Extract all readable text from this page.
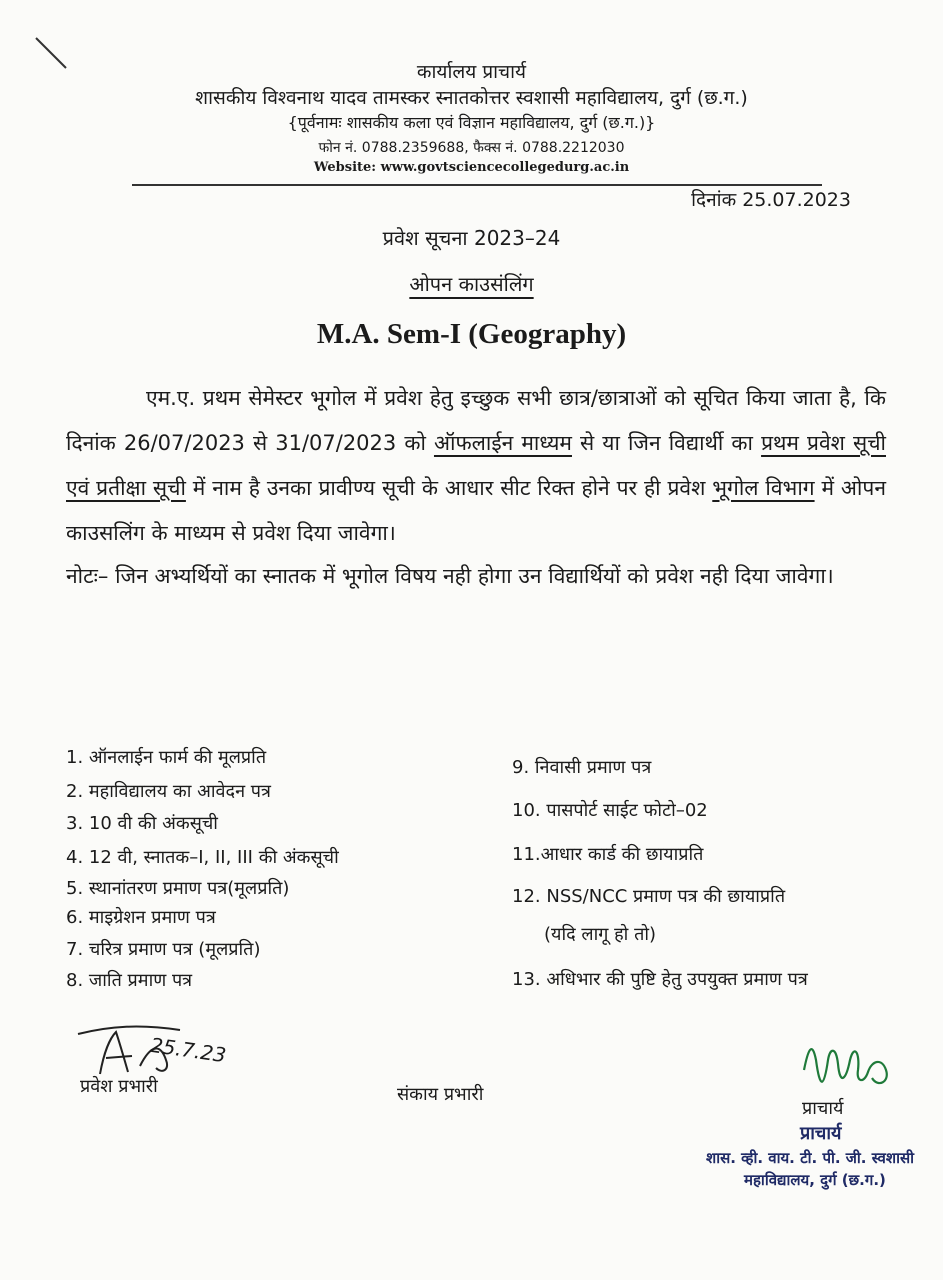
कार्यालय प्राचार्य
शासकीय विश्वनाथ यादव तामस्कर स्नातकोत्तर स्वशासी महाविद्यालय, दुर्ग (छ.ग.)
{पूर्वनामः शासकीय कला एवं विज्ञान महाविद्यालय, दुर्ग (छ.ग.)}
फोन नं. 0788.2359688, फैक्स नं. 0788.2212030
Website: www.govtsciencecollegedurg.ac.in
दिनांक 25.07.2023
प्रवेश सूचना 2023–24
ओपन काउसंलिंग
M.A. Sem-I (Geography)

एम.ए. प्रथम सेमेस्टर भूगोल में प्रवेश हेतु इच्छुक सभी छात्र/छात्राओं को सूचित किया जाता है, कि दिनांक 26/07/2023 से 31/07/2023 को ऑफलाईन माध्यम से या जिन विद्यार्थी का प्रथम प्रवेश सूची एवं प्रतीक्षा सूची में नाम है उनका प्रावीण्य सूची के आधार सीट रिक्त होने पर ही प्रवेश भूगोल विभाग में ओपन काउसलिंग के माध्यम से प्रवेश दिया जावेगा।

नोटः– जिन अभ्यर्थियों का स्नातक में भूगोल विषय नही होगा उन विद्यार्थियों को प्रवेश नही दिया जावेगा।

1. ऑनलाईन फार्म की मूलप्रति
2. महाविद्यालय का आवेदन पत्र
3. 10 वी की अंकसूची
4. 12 वी, स्नातक–I, II, III की अंकसूची
5. स्थानांतरण प्रमाण पत्र(मूलप्रति)
6. माइग्रेशन प्रमाण पत्र
7. चरित्र प्रमाण पत्र (मूलप्रति)
8. जाति प्रमाण पत्र
9. निवासी प्रमाण पत्र
10. पासपोर्ट साईट फोटो–02
11.आधार कार्ड की छायाप्रति
12. NSS/NCC प्रमाण पत्र की छायाप्रति
(यदि लागू हो तो)
13. अधिभार की पुष्टि हेतु उपयुक्त प्रमाण पत्र
25.7.23
प्रवेश प्रभारी	संकाय प्रभारी
प्राचार्य
प्राचार्य
शास. व्ही. वाय. टी. पी. जी. स्वशासी
महाविद्यालय, दुर्ग (छ.ग.)
